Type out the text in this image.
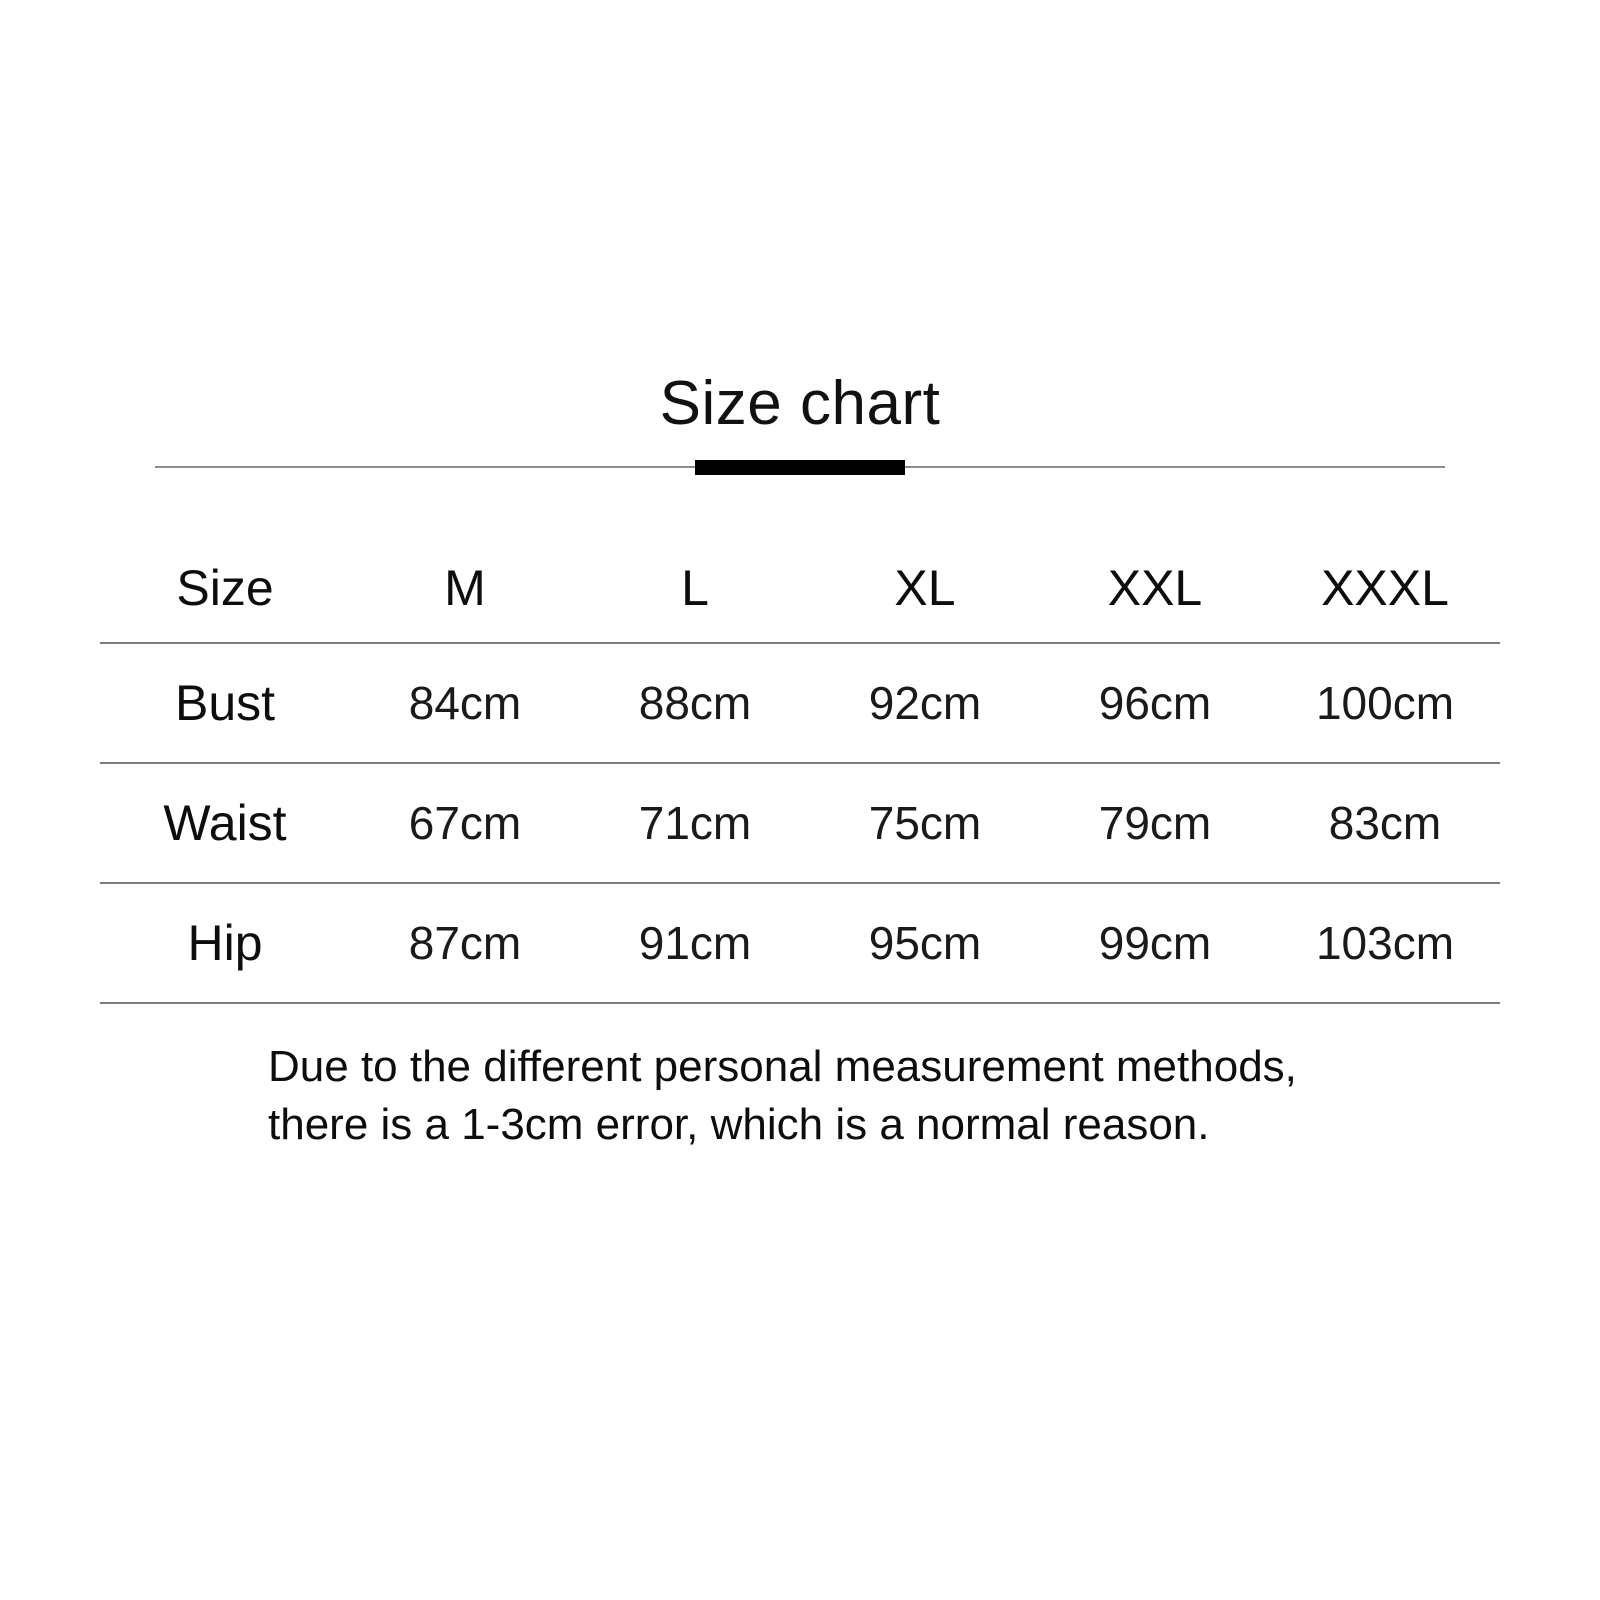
Size chart
Size	M	L	XL	XXL	XXXL
Bust	84cm	88cm	92cm	96cm	100cm
Waist	67cm	71cm	75cm	79cm	83cm
Hip	87cm	91cm	95cm	99cm	103cm
Due to the different personal measurement methods,
there is a 1-3cm error, which is a normal reason.
